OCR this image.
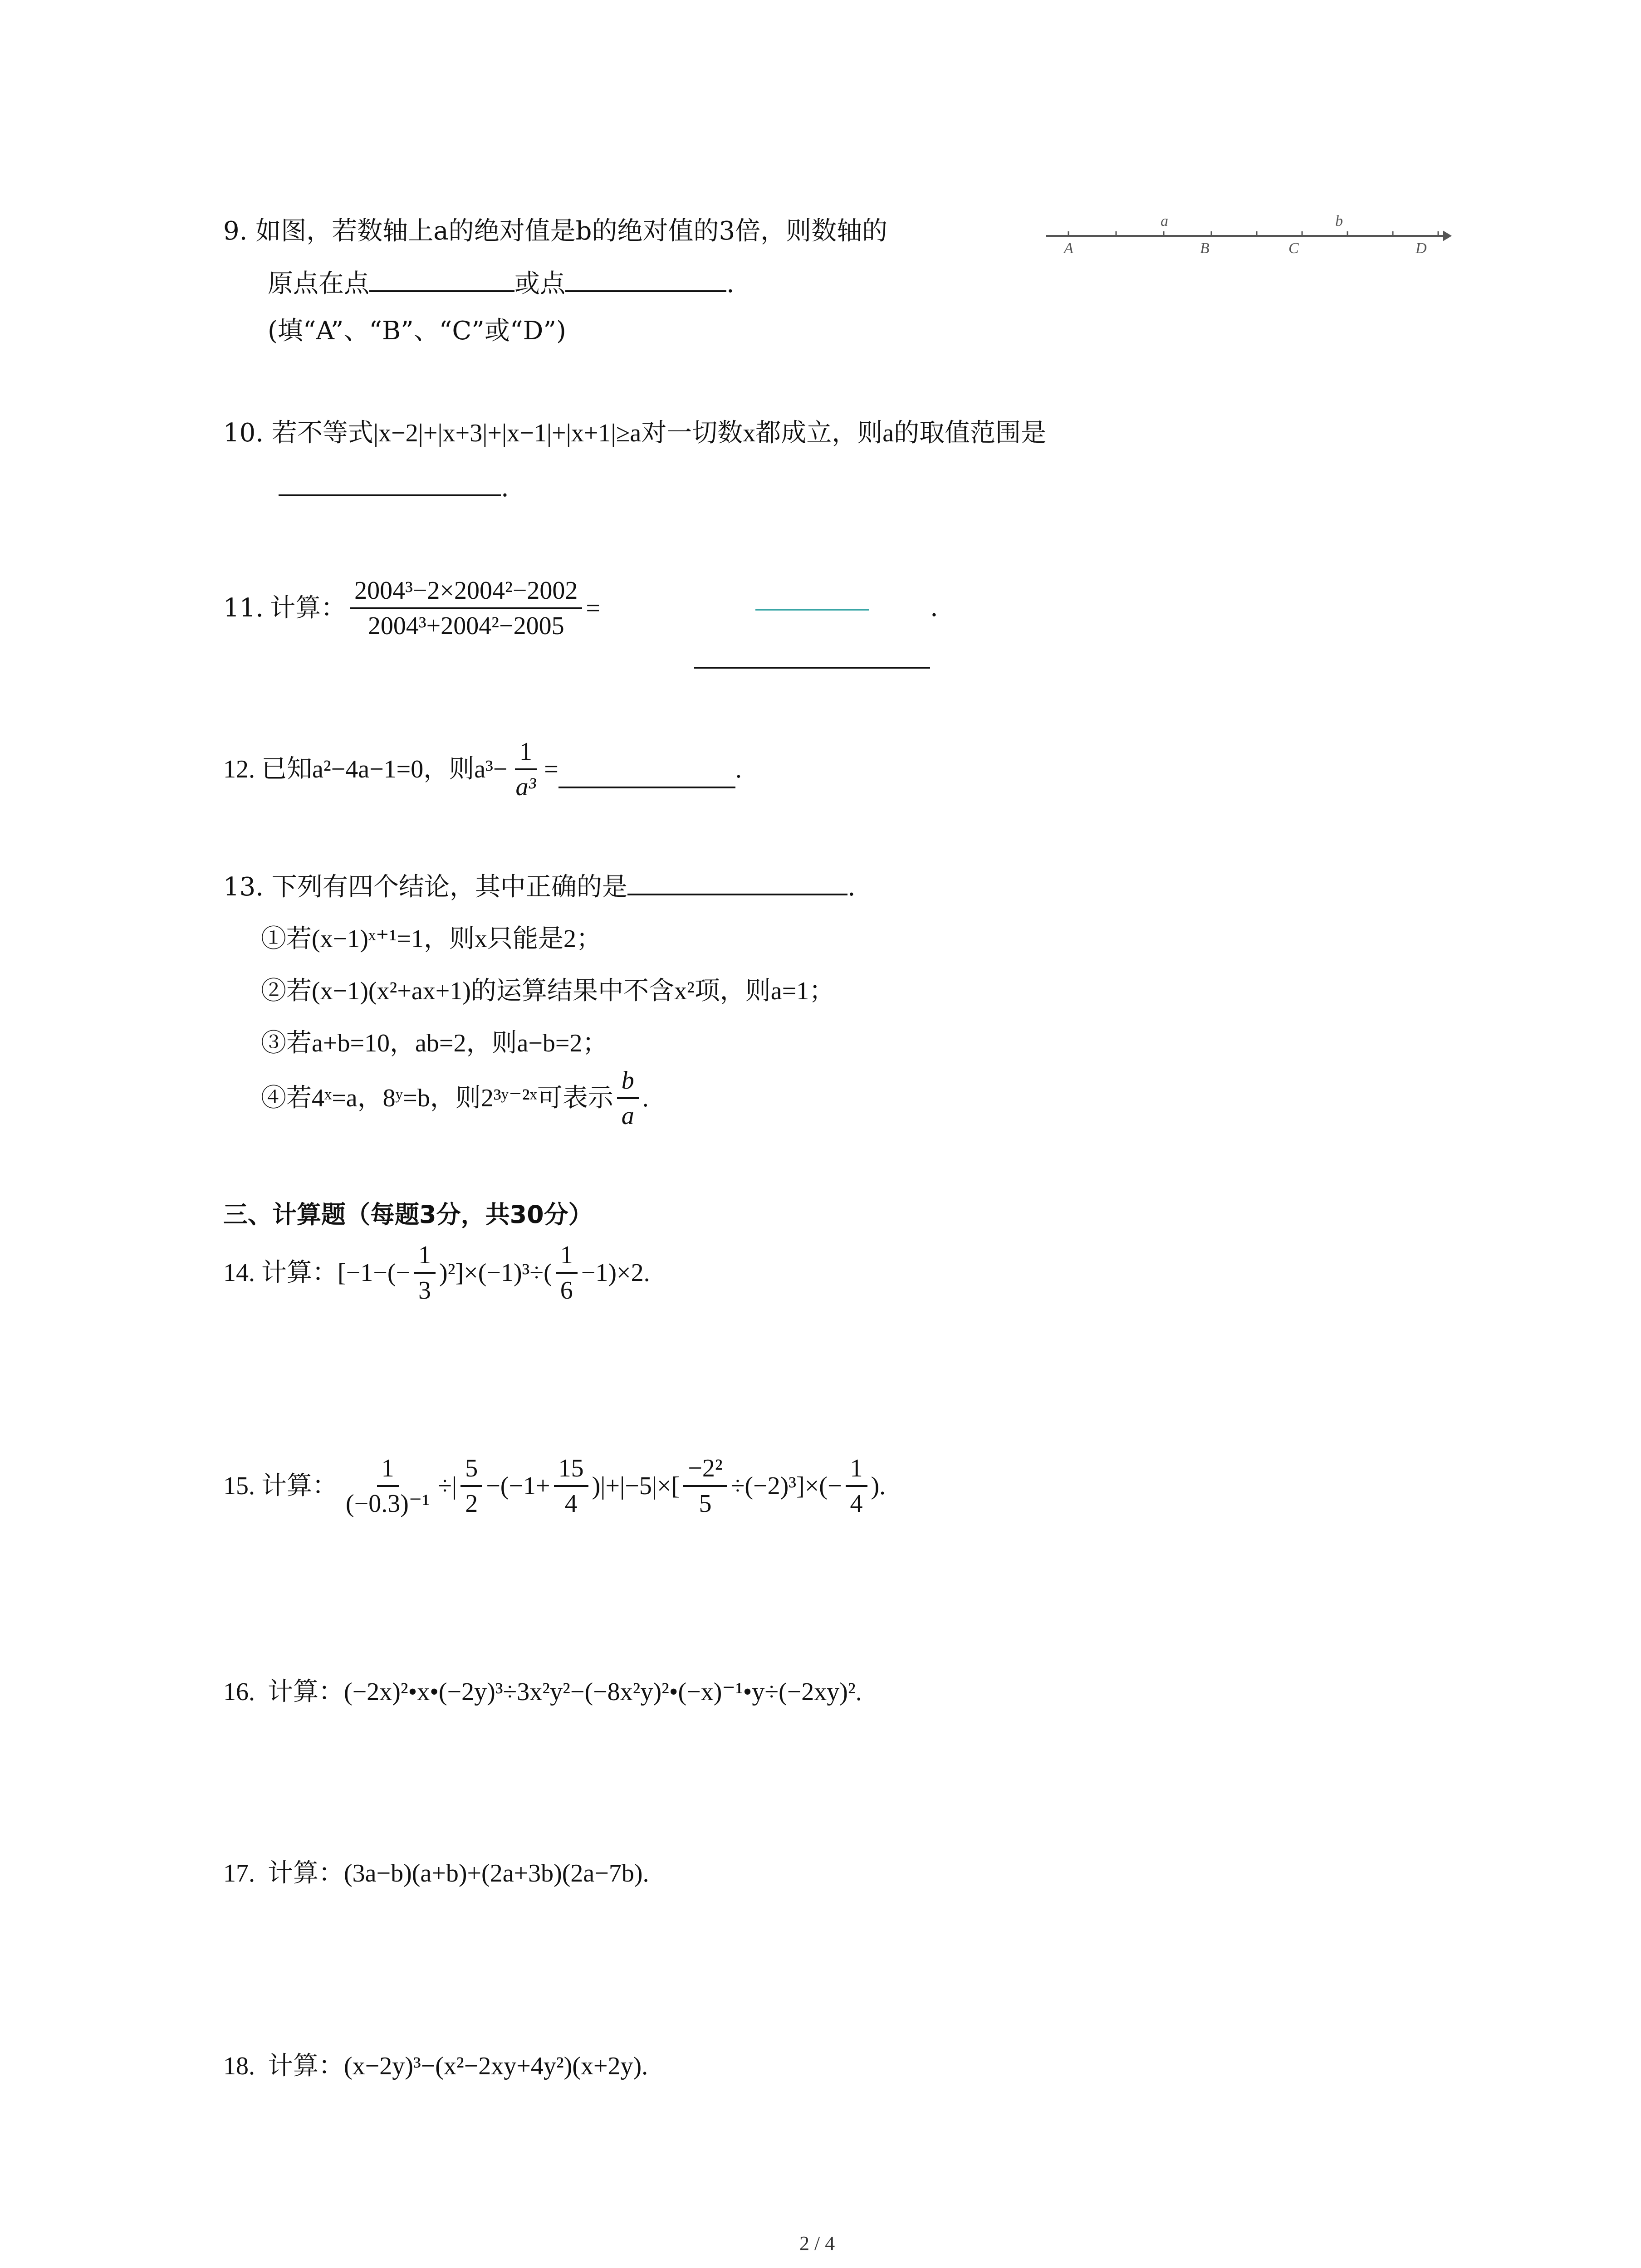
9. 如图，若数轴上a的绝对值是b的绝对值的3倍，则数轴的
原点在点	或点	.
(填“A”、“B”、“C”或“D”)
a	b
A	B	C	D
10. 若不等式|x−2|+|x+3|+|x−1|+|x+1|≥a对一切数x都成立，则a的取值范围是
.
11. 计算： $\frac{\text{2004³−2×2004²−2002}}{\text{2004³+2004²−2005}}$ =	.
12. 已知a²−4a−1=0，则$a^3- \frac{1}{\text{a³}}$ =	.
13. 下列有四个结论，其中正确的是	.
①若(x−1)ˣ⁺¹=1，则x只能是2；
②若(x−1)(x²+ax+1)的运算结果中不含x²项，则a=1；
③若a+b=10，ab=2，则a−b=2；
④若4ˣ=a，8ʸ=b，则2³ʸ⁻²ˣ可表示 $\frac{b}{a}$ .
三、计算题（每题3分，共30分）
14. 计算： $[-1-(- \frac{1}{3} )^2]\times(-1)^3\div( \frac{1}{6} -1)\times 2$.
15. 计算： $\frac{1}{\text{(−0.3)⁻¹}}$ ÷| $\frac{5}{2} -(-1+ \frac{15}{4} )|+|-5|\times[ \frac{\text{−2²}}{5} \div(-2)^3]\times(- \frac{1}{4}$ ).
16. 计算：(−2x)²•x•(−2y)³÷3x²y²−(−8x²y)²•(−x)⁻¹•y÷(−2xy)².
17. 计算：(3a−b)(a+b)+(2a+3b)(2a−7b).
18. 计算：(x−2y)³−(x²−2xy+4y²)(x+2y).
2 / 4
